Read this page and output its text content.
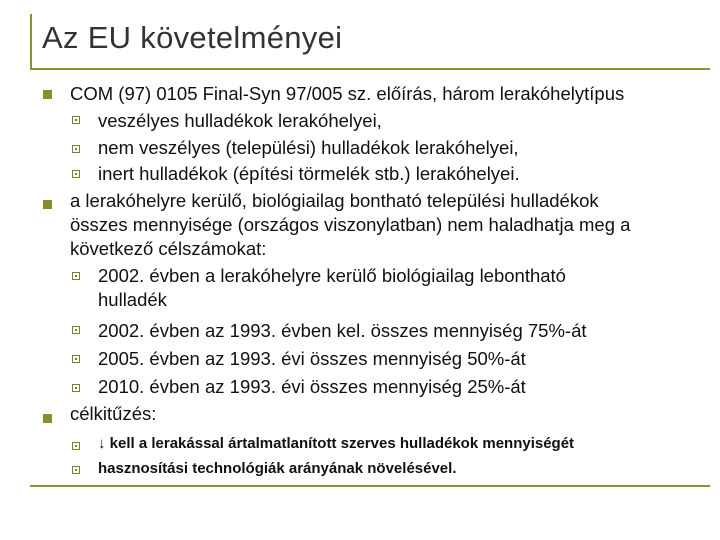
Az EU követelményei
COM (97) 0105 Final-Syn 97/005 sz. előírás, három lerakóhelytípus
veszélyes hulladékok lerakóhelyei,
nem veszélyes (települési) hulladékok lerakóhelyei,
inert hulladékok (építési törmelék stb.) lerakóhelyei.
a lerakóhelyre kerülő, biológiailag bontható települési hulladékok
összes mennyisége (országos viszonylatban) nem haladhatja meg a
következő célszámokat:
2002. évben a lerakóhelyre kerülő biológiailag lebontható
hulladék
2002. évben az 1993. évben kel. összes mennyiség 75%-át
2005. évben az 1993. évi összes mennyiség 50%-át
2010. évben az 1993. évi összes mennyiség 25%-át
célkitűzés:
↓ kell a lerakással ártalmatlanított szerves hulladékok mennyiségét
hasznosítási technológiák arányának növelésével.
